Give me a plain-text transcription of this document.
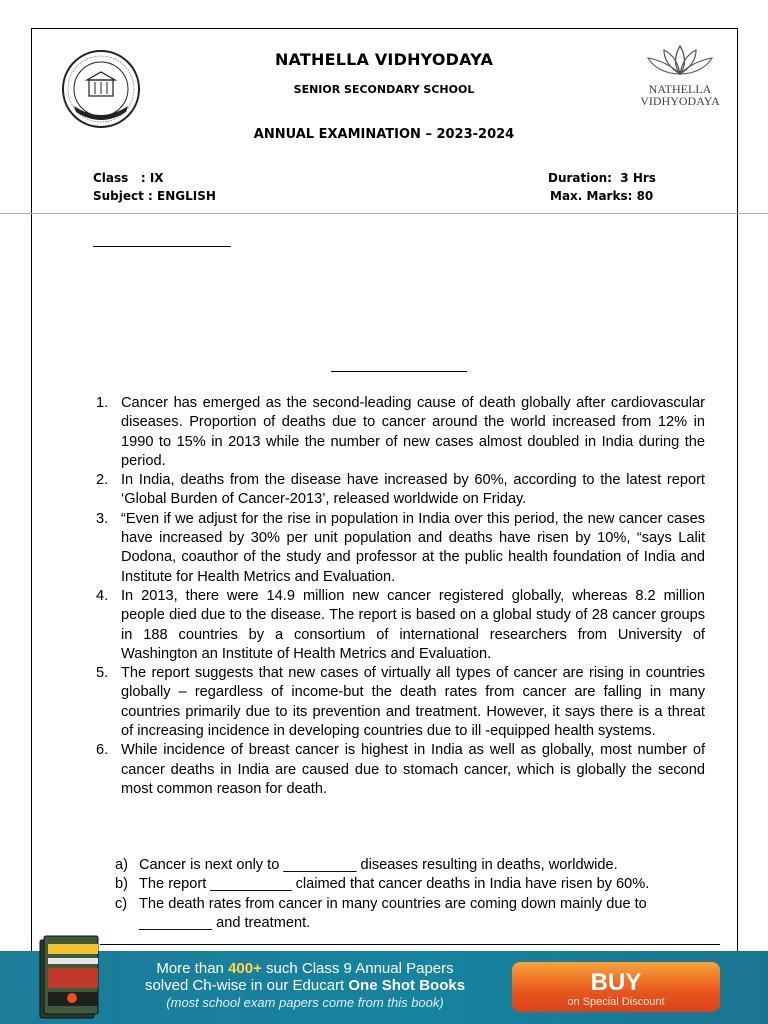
NATHELLA
VIDHYODAYA
NATHELLA VIDHYODAYA
SENIOR SECONDARY SCHOOL
ANNUAL EXAMINATION – 2023-2024
Class   : IX
Subject : ENGLISH
Duration:  3 Hrs
Max. Marks: 80
1. Cancer has emerged as the second-leading cause of death globally after cardiovascular diseases. Proportion of deaths due to cancer around the world increased from 12% in 1990 to 15% in 2013 while the number of new cases almost doubled in India during the period.
2. In India, deaths from the disease have increased by 60%, according to the latest report ‘Global Burden of Cancer-2013’, released worldwide on Friday.
3. “Even if we adjust for the rise in population in India over this period, the new cancer cases have increased by 30% per unit population and deaths have risen by 10%, “says Lalit Dodona, coauthor of the study and professor at the public health foundation of India and Institute for Health Metrics and Evaluation.
4. In 2013, there were 14.9 million new cancer registered globally, whereas 8.2 million people died due to the disease. The report is based on a global study of 28 cancer groups in 188 countries by a consortium of international researchers from University of Washington an Institute of Health Metrics and Evaluation.
5. The report suggests that new cases of virtually all types of cancer are rising in countries globally – regardless of income-but the death rates from cancer are falling in many countries primarily due to its prevention and treatment. However, it says there is a threat of increasing incidence in developing countries due to ill -equipped health systems.
6. While incidence of breast cancer is highest in India as well as globally, most number of cancer deaths in India are caused due to stomach cancer, which is globally the second most common reason for death.
a) Cancer is next only to _________ diseases resulting in deaths, worldwide.
b) The report __________ claimed that cancer deaths in India have risen by 60%.
c) The death rates from cancer in many countries are coming down mainly due to _________ and treatment.
More than 400+ such Class 9 Annual Papers
solved Ch-wise in our Educart One Shot Books
(most school exam papers come from this book)
BUY
on Special Discount
